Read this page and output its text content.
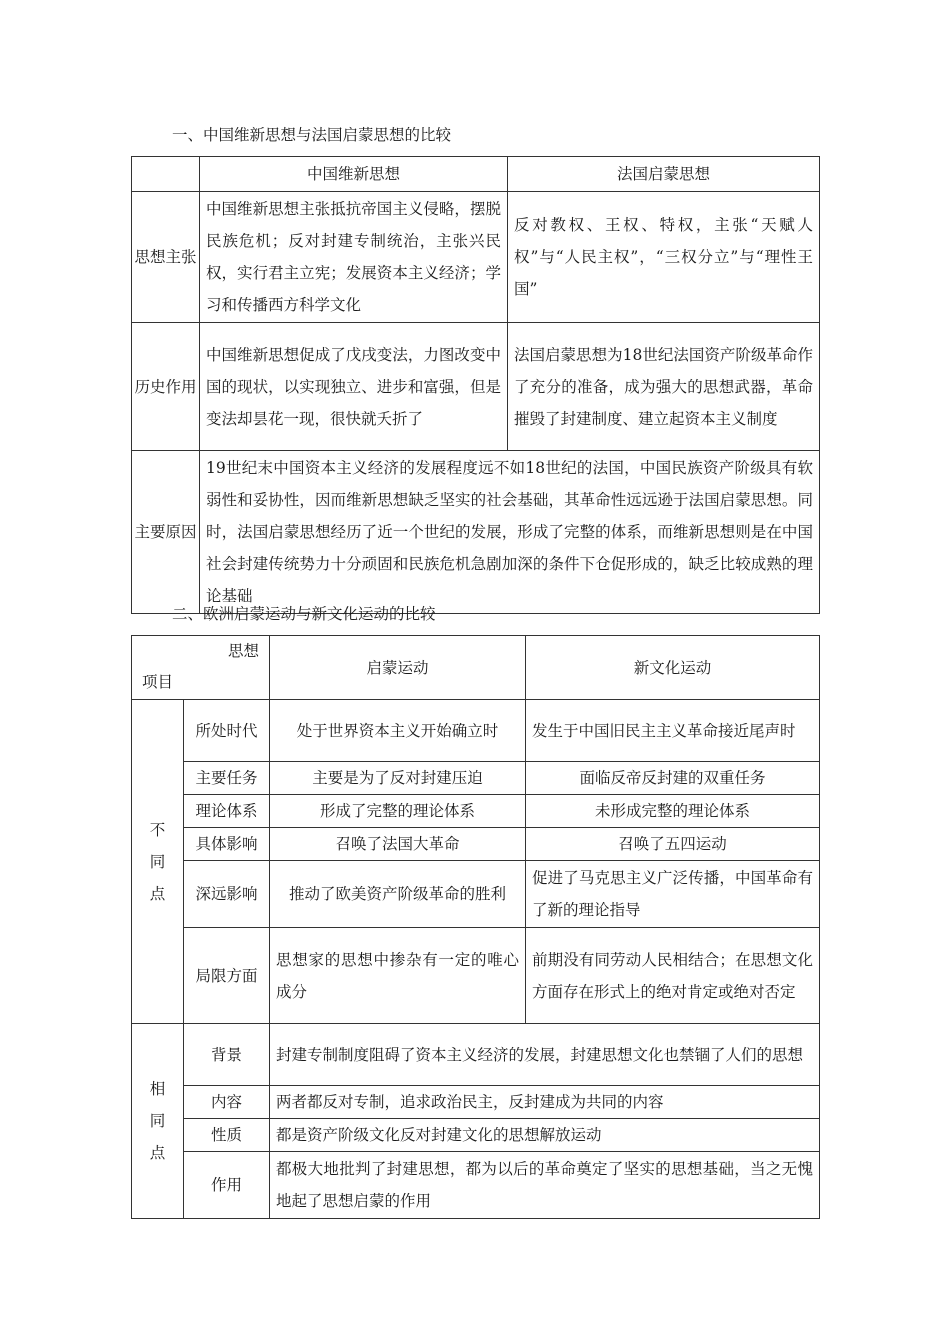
一、中国维新思想与法国启蒙思想的比较

	中国维新思想	法国启蒙思想
思想主张	中国维新思想主张抵抗帝国主义侵略，摆脱民族危机；反对封建专制统治，主张兴民权，实行君主立宪；发展资本主义经济；学习和传播西方科学文化	反对教权、王权、特权，主张“天赋人权”与“人民主权”，“三权分立”与“理性王国”
历史作用	中国维新思想促成了戊戌变法，力图改变中国的现状，以实现独立、进步和富强，但是变法却昙花一现，很快就夭折了	法国启蒙思想为18世纪法国资产阶级革命作了充分的准备，成为强大的思想武器，革命摧毁了封建制度、建立起资本主义制度
主要原因	19世纪末中国资本主义经济的发展程度远不如18世纪的法国，中国民族资产阶级具有软弱性和妥协性，因而维新思想缺乏坚实的社会基础，其革命性远远逊于法国启蒙思想。同时，法国启蒙思想经历了近一个世纪的发展，形成了完整的体系，而维新思想则是在中国社会封建传统势力十分顽固和民族危机急剧加深的条件下仓促形成的，缺乏比较成熟的理论基础	

二、欧洲启蒙运动与新文化运动的比较

思想
项目		启蒙运动	新文化运动
不同点	所处时代	处于世界资本主义开始确立时	发生于中国旧民主主义革命接近尾声时
	主要任务	主要是为了反对封建压迫	面临反帝反封建的双重任务
	理论体系	形成了完整的理论体系	未形成完整的理论体系
	具体影响	召唤了法国大革命	召唤了五四运动
	深远影响	推动了欧美资产阶级革命的胜利	促进了马克思主义广泛传播，中国革命有了新的理论指导
	局限方面	思想家的思想中掺杂有一定的唯心成分	前期没有同劳动人民相结合；在思想文化方面存在形式上的绝对肯定或绝对否定
相同点	背景	封建专制制度阻碍了资本主义经济的发展，封建思想文化也禁锢了人们的思想	
	内容	两者都反对专制，追求政治民主，反封建成为共同的内容	
	性质	都是资产阶级文化反对封建文化的思想解放运动	
	作用	都极大地批判了封建思想，都为以后的革命奠定了坚实的思想基础，当之无愧地起了思想启蒙的作用	
